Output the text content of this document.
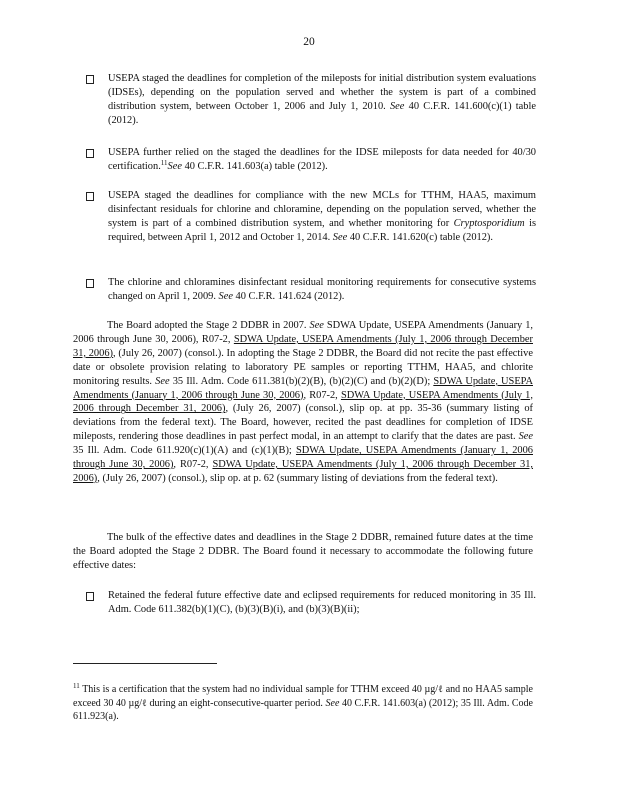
20
USEPA staged the deadlines for completion of the mileposts for initial distribution system evaluations (IDSEs), depending on the population served and whether the system is part of a combined distribution system, between October 1, 2006 and July 1, 2010. See 40 C.F.R. 141.600(c)(1) table (2012).
USEPA further relied on the staged the deadlines for the IDSE mileposts for data needed for 40/30 certification.$^{11}$See 40 C.F.R. 141.603(a) table (2012).
USEPA staged the deadlines for compliance with the new MCLs for TTHM, HAA5, maximum disinfectant residuals for chlorine and chloramine, depending on the population served, whether the system is part of a combined distribution system, and whether monitoring for Cryptosporidium is required, between April 1, 2012 and October 1, 2014. See 40 C.F.R. 141.620(c) table (2012).
The chlorine and chloramines disinfectant residual monitoring requirements for consecutive systems changed on April 1, 2009. See 40 C.F.R. 141.624 (2012).
The Board adopted the Stage 2 DDBR in 2007. See SDWA Update, USEPA Amendments (January 1, 2006 through June 30, 2006), R07-2, SDWA Update, USEPA Amendments (July 1, 2006 through December 31, 2006), (July 26, 2007) (consol.). In adopting the Stage 2 DDBR, the Board did not recite the past effective date or obsolete provision relating to laboratory PE samples or reporting TTHM, HAA5, and chlorite monitoring results. See 35 Ill. Adm. Code 611.381(b)(2)(B), (b)(2)(C) and (b)(2)(D); SDWA Update, USEPA Amendments (January 1, 2006 through June 30, 2006), R07-2, SDWA Update, USEPA Amendments (July 1, 2006 through December 31, 2006), (July 26, 2007) (consol.), slip op. at pp. 35-36 (summary listing of deviations from the federal text). The Board, however, recited the past deadlines for completion of IDSE mileposts, rendering those deadlines in past perfect modal, in an attempt to clarify that the dates are past. See 35 Ill. Adm. Code 611.920(c)(1)(A) and (c)(1)(B); SDWA Update, USEPA Amendments (January 1, 2006 through June 30, 2006), R07-2, SDWA Update, USEPA Amendments (July 1, 2006 through December 31, 2006), (July 26, 2007) (consol.), slip op. at p. 62 (summary listing of deviations from the federal text).
The bulk of the effective dates and deadlines in the Stage 2 DDBR, remained future dates at the time the Board adopted the Stage 2 DDBR. The Board found it necessary to accommodate the following future effective dates:
Retained the federal future effective date and eclipsed requirements for reduced monitoring in 35 Ill. Adm. Code 611.382(b)(1)(C), (b)(3)(B)(i), and (b)(3)(B)(ii);
$^{11}$ This is a certification that the system had no individual sample for TTHM exceed 40 µg/ℓ and no HAA5 sample exceed 30 40 µg/ℓ during an eight-consecutive-quarter period. See 40 C.F.R. 141.603(a) (2012); 35 Ill. Adm. Code 611.923(a).
